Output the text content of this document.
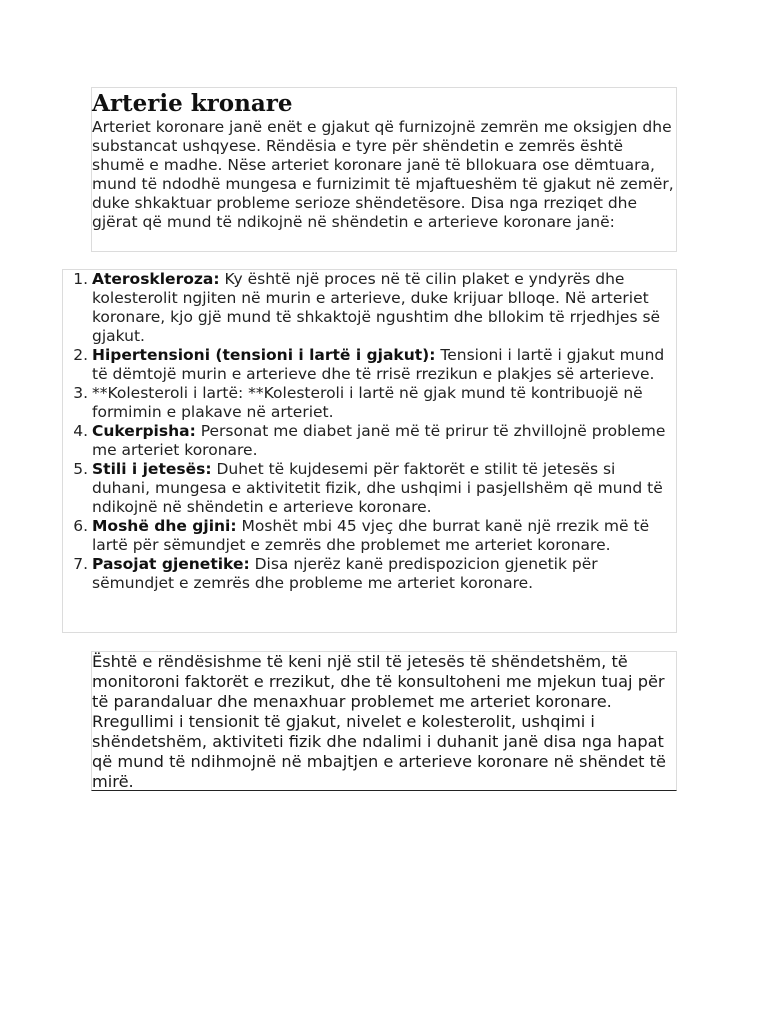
Arterie kronare

Arteriet koronare janë enët e gjakut që furnizojnë zemrën me oksigjen dhe substancat ushqyese. Rëndësia e tyre për shëndetin e zemrës është shumë e madhe. Nëse arteriet koronare janë të bllokuara ose dëmtuara, mund të ndodhë mungesa e furnizimit të mjaftueshëm të gjakut në zemër, duke shkaktuar probleme serioze shëndetësore. Disa nga rreziqet dhe gjërat që mund të ndikojnë në shëndetin e arterieve koronare janë:

1. Ateroskleroza: Ky është një proces në të cilin plaket e yndyrës dhe kolesterolit ngjiten në murin e arterieve, duke krijuar blloqe. Në arteriet koronare, kjo gjë mund të shkaktojë ngushtim dhe bllokim të rrjedhjes së gjakut.
2. Hipertensioni (tensioni i lartë i gjakut): Tensioni i lartë i gjakut mund të dëmtojë murin e arterieve dhe të rrisë rrezikun e plakjes së arterieve.
3. **Kolesteroli i lartë: **Kolesteroli i lartë në gjak mund të kontribuojë në formimin e plakave në arteriet.
4. Cukerpisha: Personat me diabet janë më të prirur të zhvillojnë probleme me arteriet koronare.
5. Stili i jetesës: Duhet të kujdesemi për faktorët e stilit të jetesës si duhani, mungesa e aktivitetit fizik, dhe ushqimi i pasjellshëm që mund të ndikojnë në shëndetin e arterieve koronare.
6. Moshë dhe gjini: Moshët mbi 45 vjeç dhe burrat kanë një rrezik më të lartë për sëmundjet e zemrës dhe problemet me arteriet koronare.
7. Pasojat gjenetike: Disa njerëz kanë predispozicion gjenetik për sëmundjet e zemrës dhe probleme me arteriet koronare.

Është e rëndësishme të keni një stil të jetesës të shëndetshëm, të monitoroni faktorët e rrezikut, dhe të konsultoheni me mjekun tuaj për të parandaluar dhe menaxhuar problemet me arteriet koronare. Rregullimi i tensionit të gjakut, nivelet e kolesterolit, ushqimi i shëndetshëm, aktiviteti fizik dhe ndalimi i duhanit janë disa nga hapat që mund të ndihmojnë në mbajtjen e arterieve koronare në shëndet të mirë.
